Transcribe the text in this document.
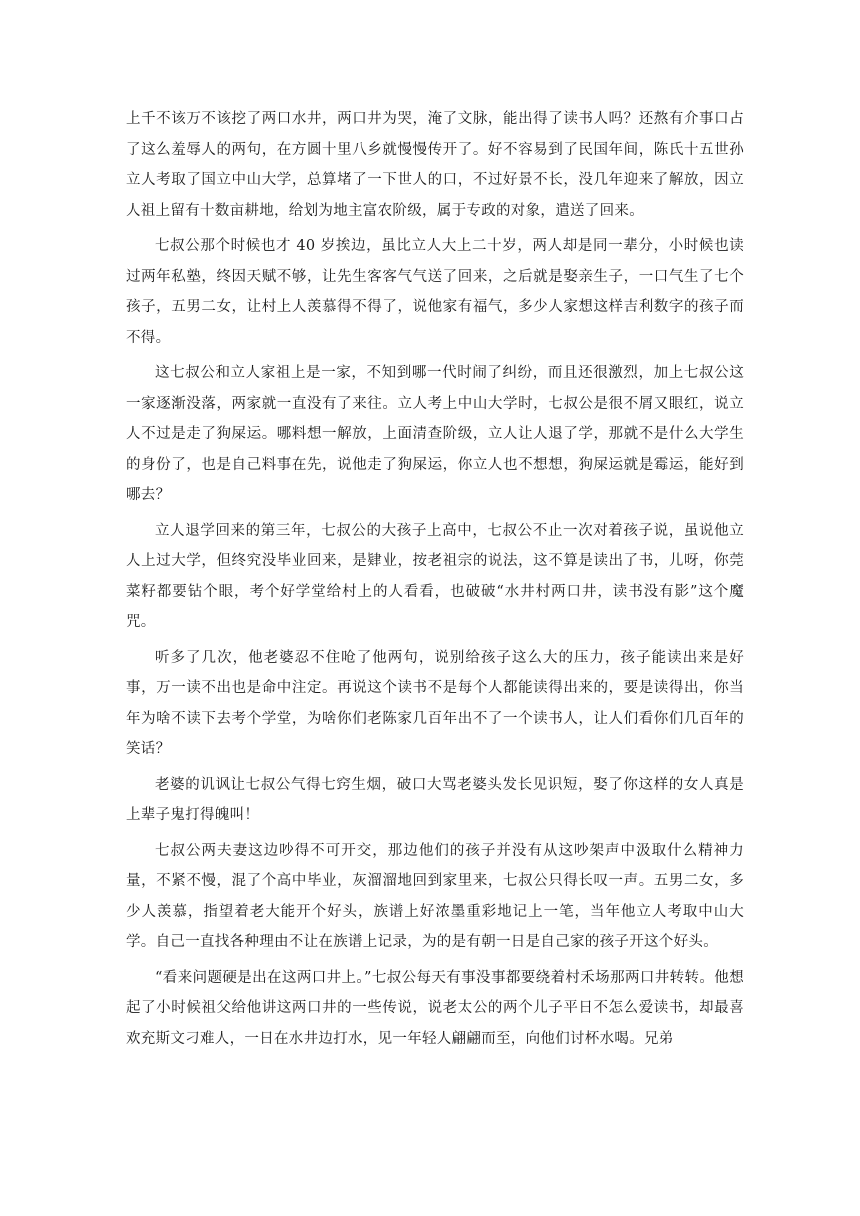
上千不该万不该挖了两口水井，两口井为哭，淹了文脉，能出得了读书人吗？还熬有介事口占了这么羞辱人的两句，在方圆十里八乡就慢慢传开了。好不容易到了民国年间，陈氏十五世孙立人考取了国立中山大学，总算堵了一下世人的口，不过好景不长，没几年迎来了解放，因立人祖上留有十数亩耕地，给划为地主富农阶级，属于专政的对象，遣送了回来。

七叔公那个时候也才 40 岁挨边，虽比立人大上二十岁，两人却是同一辈分，小时候也读过两年私塾，终因天赋不够，让先生客客气气送了回来，之后就是娶亲生子，一口气生了七个孩子，五男二女，让村上人羡慕得不得了，说他家有福气，多少人家想这样吉利数字的孩子而不得。

这七叔公和立人家祖上是一家，不知到哪一代时闹了纠纷，而且还很激烈，加上七叔公这一家逐渐没落，两家就一直没有了来往。立人考上中山大学时，七叔公是很不屑又眼红，说立人不过是走了狗屎运。哪料想一解放，上面清查阶级，立人让人退了学，那就不是什么大学生的身份了，也是自己料事在先，说他走了狗屎运，你立人也不想想，狗屎运就是霉运，能好到哪去？

立人退学回来的第三年，七叔公的大孩子上高中，七叔公不止一次对着孩子说，虽说他立人上过大学，但终究没毕业回来，是肄业，按老祖宗的说法，这不算是读出了书，儿呀，你莞菜籽都要钻个眼，考个好学堂给村上的人看看，也破破“水井村两口井，读书没有影”这个魔咒。

听多了几次，他老婆忍不住呛了他两句，说别给孩子这么大的压力，孩子能读出来是好事，万一读不出也是命中注定。再说这个读书不是每个人都能读得出来的，要是读得出，你当年为啥不读下去考个学堂，为啥你们老陈家几百年出不了一个读书人，让人们看你们几百年的笑话？

老婆的讥讽让七叔公气得七窍生烟，破口大骂老婆头发长见识短，娶了你这样的女人真是上辈子鬼打得魄叫！

七叔公两夫妻这边吵得不可开交，那边他们的孩子并没有从这吵架声中汲取什么精神力量，不紧不慢，混了个高中毕业，灰溜溜地回到家里来，七叔公只得长叹一声。五男二女，多少人羡慕，指望着老大能开个好头，族谱上好浓墨重彩地记上一笔，当年他立人考取中山大学。自己一直找各种理由不让在族谱上记录，为的是有朝一日是自己家的孩子开这个好头。

“看来问题硬是出在这两口井上。”七叔公每天有事没事都要绕着村禾场那两口井转转。他想起了小时候祖父给他讲这两口井的一些传说，说老太公的两个儿子平日不怎么爱读书，却最喜欢充斯文刁难人，一日在水井边打水，见一年轻人翩翩而至，向他们讨杯水喝。兄弟
